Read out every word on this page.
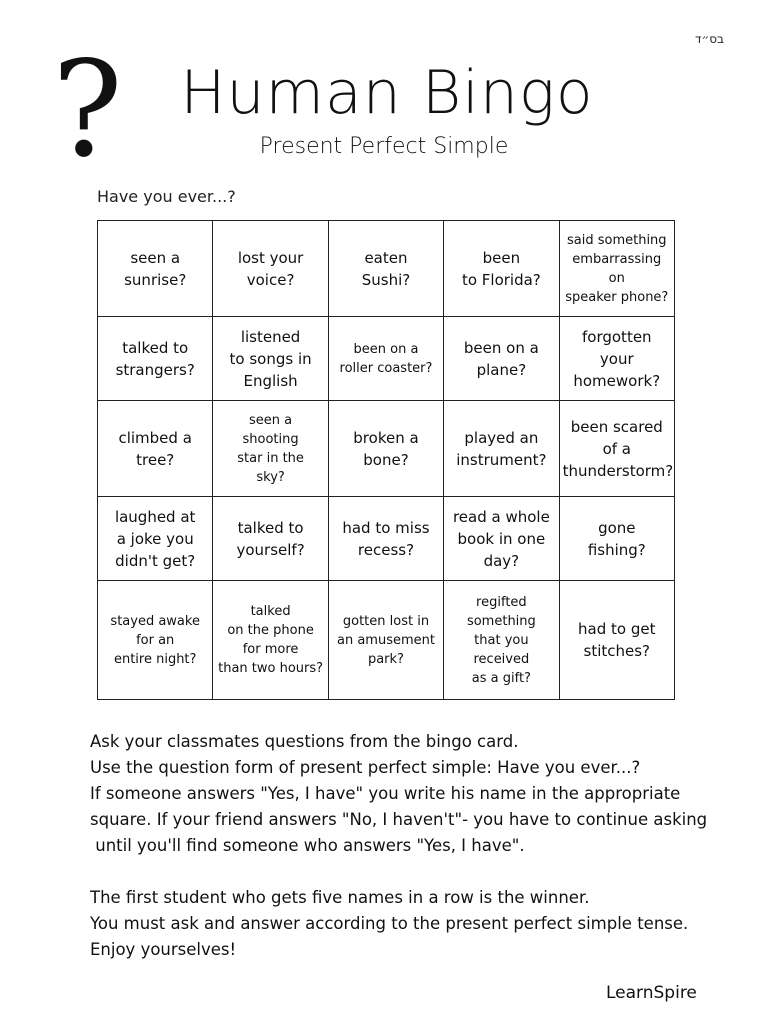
בס״ד
? Human Bingo
Present Perfect Simple
Have you ever...?
seen a
sunrise?	lost your
voice?	eaten
Sushi?	been
to Florida?	said something
embarrassing on
speaker phone?
talked to
strangers?	listened
to songs in
English	been on a
roller coaster?	been on a
plane?	forgotten
your
homework?
climbed a
tree?	seen a
shooting
star in the
sky?	broken a
bone?	played an
instrument?	been scared
of a
thunderstorm?
laughed at
a joke you
didn't get?	talked to
yourself?	had to miss
recess?	read a whole
book in one
day?	gone
fishing?
stayed awake
for an
entire night?	talked
on the phone
for more
than two hours?	gotten lost in
an amusement
park?	regifted
something
that you received
as a gift?	had to get
stitches?

Ask your classmates questions from the bingo card.

Use the question form of present perfect simple: Have you ever...?

If someone answers "Yes, I have" you write his name in the appropriate

square. If your friend answers "No, I haven't"- you have to continue asking

until you'll find someone who answers "Yes, I have".

The first student who gets five names in a row is the winner.

You must ask and answer according to the present perfect simple tense.

Enjoy yourselves!

LearnSpire
